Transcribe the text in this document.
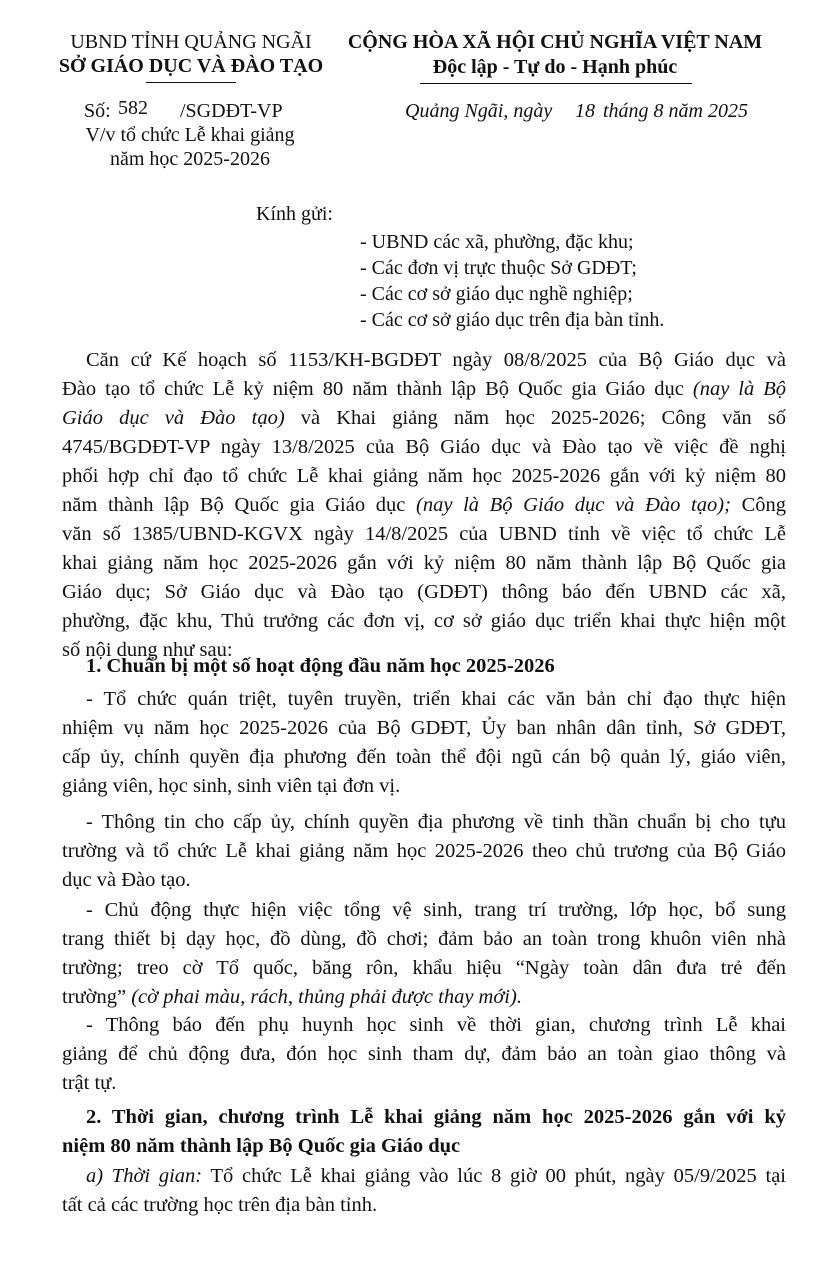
UBND TỈNH QUẢNG NGÃI
SỞ GIÁO DỤC VÀ ĐÀO TẠO
CỘNG HÒA XÃ HỘI CHỦ NGHĨA VIỆT NAM
Độc lập - Tự do - Hạnh phúc
Số: 582 /SGDĐT-VP
V/v tổ chức Lễ khai giảng
năm học 2025-2026
Quảng Ngãi, ngày 18 tháng 8 năm 2025
Kính gửi:
- UBND các xã, phường, đặc khu;
- Các đơn vị trực thuộc Sở GDĐT;
- Các cơ sở giáo dục nghề nghiệp;
- Các cơ sở giáo dục trên địa bàn tỉnh.
Căn cứ Kế hoạch số 1153/KH-BGDĐT ngày 08/8/2025 của Bộ Giáo dục và
Đào tạo tổ chức Lễ kỷ niệm 80 năm thành lập Bộ Quốc gia Giáo dục (nay là Bộ
Giáo dục và Đào tạo) và Khai giảng năm học 2025-2026; Công văn số
4745/BGDĐT-VP ngày 13/8/2025 của Bộ Giáo dục và Đào tạo về việc đề nghị
phối hợp chỉ đạo tổ chức Lễ khai giảng năm học 2025-2026 gắn với kỷ niệm 80
năm thành lập Bộ Quốc gia Giáo dục (nay là Bộ Giáo dục và Đào tạo); Công
văn số 1385/UBND-KGVX ngày 14/8/2025 của UBND tỉnh về việc tổ chức Lễ
khai giảng năm học 2025-2026 gắn với kỷ niệm 80 năm thành lập Bộ Quốc gia
Giáo dục; Sở Giáo dục và Đào tạo (GDĐT) thông báo đến UBND các xã,
phường, đặc khu, Thủ trưởng các đơn vị, cơ sở giáo dục triển khai thực hiện một
số nội dung như sau:
1. Chuẩn bị một số hoạt động đầu năm học 2025-2026
- Tổ chức quán triệt, tuyên truyền, triển khai các văn bản chỉ đạo thực hiện
nhiệm vụ năm học 2025-2026 của Bộ GDĐT, Ủy ban nhân dân tỉnh, Sở GDĐT,
cấp ủy, chính quyền địa phương đến toàn thể đội ngũ cán bộ quản lý, giáo viên,
giảng viên, học sinh, sinh viên tại đơn vị.
- Thông tin cho cấp ủy, chính quyền địa phương về tinh thần chuẩn bị cho tựu
trường và tổ chức Lễ khai giảng năm học 2025-2026 theo chủ trương của Bộ Giáo
dục và Đào tạo.
- Chủ động thực hiện việc tổng vệ sinh, trang trí trường, lớp học, bổ sung
trang thiết bị dạy học, đồ dùng, đồ chơi; đảm bảo an toàn trong khuôn viên nhà
trường; treo cờ Tổ quốc, băng rôn, khẩu hiệu “Ngày toàn dân đưa trẻ đến
trường” (cờ phai màu, rách, thủng phải được thay mới).
- Thông báo đến phụ huynh học sinh về thời gian, chương trình Lễ khai
giảng để chủ động đưa, đón học sinh tham dự, đảm bảo an toàn giao thông và
trật tự.
2. Thời gian, chương trình Lễ khai giảng năm học 2025-2026 gắn với kỷ
niệm 80 năm thành lập Bộ Quốc gia Giáo dục
a) Thời gian: Tổ chức Lễ khai giảng vào lúc 8 giờ 00 phút, ngày 05/9/2025 tại
tất cả các trường học trên địa bàn tỉnh.
